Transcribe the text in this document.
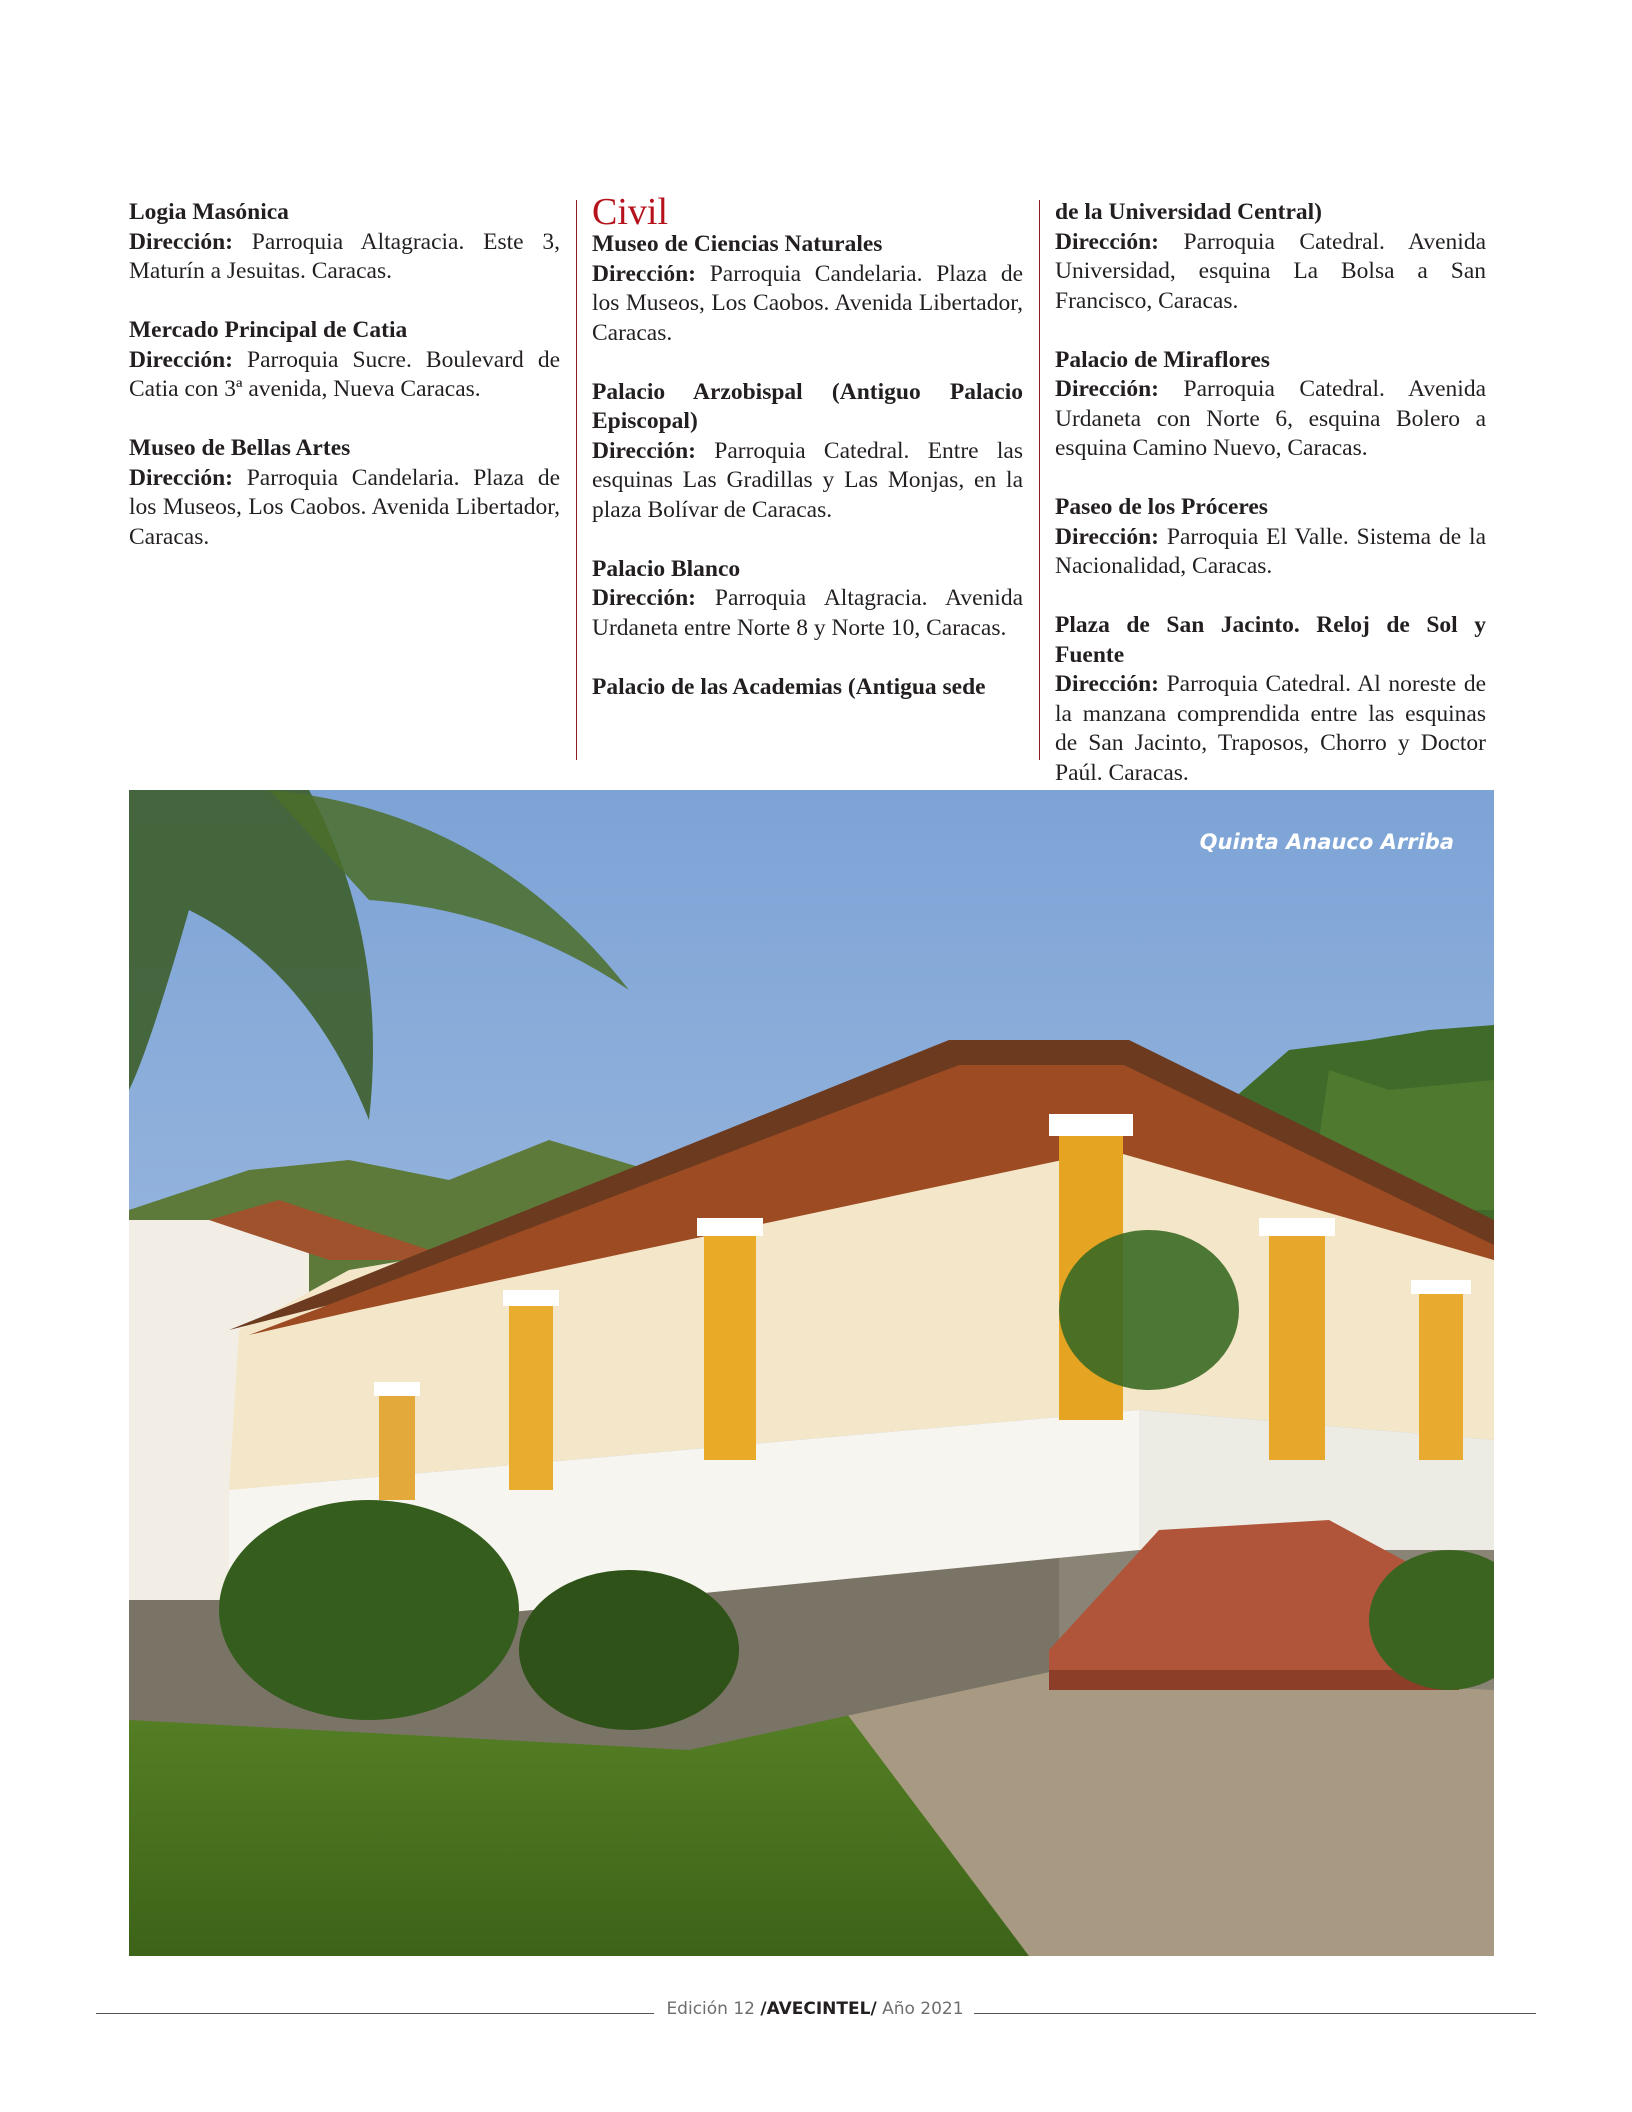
Logia Masónica
Dirección: Parroquia Altagracia. Este 3, Maturín a Jesuitas. Caracas.
Mercado Principal de Catia
Dirección: Parroquia Sucre. Boulevard de Catia con 3ª avenida, Nueva Caracas.
Museo de Bellas Artes
Dirección: Parroquia Candelaria. Plaza de los Museos, Los Caobos. Avenida Libertador, Caracas.
Civil
Museo de Ciencias Naturales
Dirección: Parroquia Candelaria. Plaza de los Museos, Los Caobos. Avenida Libertador, Caracas.
Palacio Arzobispal (Antiguo Palacio Episcopal)
Dirección: Parroquia Catedral. Entre las esquinas Las Gradillas y Las Monjas, en la plaza Bolívar de Caracas.
Palacio Blanco
Dirección: Parroquia Altagracia. Avenida Urdaneta entre Norte 8 y Norte 10, Caracas.
Palacio de las Academias (Antigua sede
de la Universidad Central)
Dirección: Parroquia Catedral. Avenida Universidad, esquina La Bolsa a San Francisco, Caracas.
Palacio de Miraflores
Dirección: Parroquia Catedral. Avenida Urdaneta con Norte 6, esquina Bolero a esquina Camino Nuevo, Caracas.
Paseo de los Próceres
Dirección: Parroquia El Valle. Sistema de la Nacionalidad, Caracas.
Plaza de San Jacinto. Reloj de Sol y Fuente
Dirección: Parroquia Catedral. Al noreste de la manzana comprendida entre las esquinas de San Jacinto, Traposos, Chorro y Doctor Paúl. Caracas.
Quinta Anauco Arriba
Edición 12 /AVECINTEL/ Año 2021
